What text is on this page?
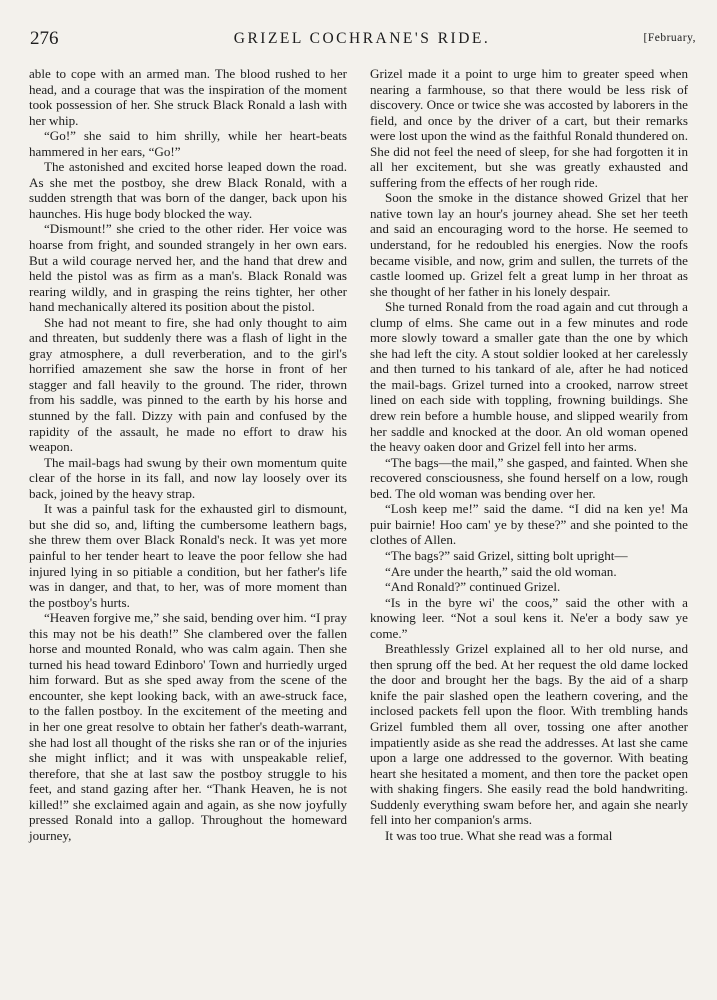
276	GRIZEL COCHRANE'S RIDE.	[February,

able to cope with an armed man. The blood rushed to her head, and a courage that was the inspiration of the moment took possession of her. She struck Black Ronald a lash with her whip.

“Go!” she said to him shrilly, while her heart-beats hammered in her ears, “Go!”

The astonished and excited horse leaped down the road. As she met the postboy, she drew Black Ronald, with a sudden strength that was born of the danger, back upon his haunches. His huge body blocked the way.

“Dismount!” she cried to the other rider. Her voice was hoarse from fright, and sounded strangely in her own ears. But a wild courage nerved her, and the hand that drew and held the pistol was as firm as a man's. Black Ronald was rearing wildly, and in grasping the reins tighter, her other hand mechanically altered its position about the pistol.

She had not meant to fire, she had only thought to aim and threaten, but suddenly there was a flash of light in the gray atmosphere, a dull reverberation, and to the girl's horrified amazement she saw the horse in front of her stagger and fall heavily to the ground. The rider, thrown from his saddle, was pinned to the earth by his horse and stunned by the fall. Dizzy with pain and confused by the rapidity of the assault, he made no effort to draw his weapon.

The mail-bags had swung by their own momentum quite clear of the horse in its fall, and now lay loosely over its back, joined by the heavy strap.

It was a painful task for the exhausted girl to dismount, but she did so, and, lifting the cumbersome leathern bags, she threw them over Black Ronald's neck. It was yet more painful to her tender heart to leave the poor fellow she had injured lying in so pitiable a condition, but her father's life was in danger, and that, to her, was of more moment than the postboy's hurts.

“Heaven forgive me,” she said, bending over him. “I pray this may not be his death!” She clambered over the fallen horse and mounted Ronald, who was calm again. Then she turned his head toward Edinboro' Town and hurriedly urged him forward. But as she sped away from the scene of the encounter, she kept looking back, with an awe-struck face, to the fallen postboy. In the excitement of the meeting and in her one great resolve to obtain her father's death-warrant, she had lost all thought of the risks she ran or of the injuries she might inflict; and it was with unspeakable relief, therefore, that she at last saw the postboy struggle to his feet, and stand gazing after her. “Thank Heaven, he is not killed!” she exclaimed again and again, as she now joyfully pressed Ronald into a gallop. Throughout the homeward journey,

Grizel made it a point to urge him to greater speed when nearing a farmhouse, so that there would be less risk of discovery. Once or twice she was accosted by laborers in the field, and once by the driver of a cart, but their remarks were lost upon the wind as the faithful Ronald thundered on. She did not feel the need of sleep, for she had forgotten it in all her excitement, but she was greatly exhausted and suffering from the effects of her rough ride.

Soon the smoke in the distance showed Grizel that her native town lay an hour's journey ahead. She set her teeth and said an encouraging word to the horse. He seemed to understand, for he redoubled his energies. Now the roofs became visible, and now, grim and sullen, the turrets of the castle loomed up. Grizel felt a great lump in her throat as she thought of her father in his lonely despair.

She turned Ronald from the road again and cut through a clump of elms. She came out in a few minutes and rode more slowly toward a smaller gate than the one by which she had left the city. A stout soldier looked at her carelessly and then turned to his tankard of ale, after he had noticed the mail-bags. Grizel turned into a crooked, narrow street lined on each side with toppling, frowning buildings. She drew rein before a humble house, and slipped wearily from her saddle and knocked at the door. An old woman opened the heavy oaken door and Grizel fell into her arms.

“The bags—the mail,” she gasped, and fainted. When she recovered consciousness, she found herself on a low, rough bed. The old woman was bending over her.

“Losh keep me!” said the dame. “I did na ken ye! Ma puir bairnie! Hoo cam' ye by these?” and she pointed to the clothes of Allen.

“The bags?” said Grizel, sitting bolt upright—

“Are under the hearth,” said the old woman.

“And Ronald?” continued Grizel.

“Is in the byre wi' the coos,” said the other with a knowing leer. “Not a soul kens it. Ne'er a body saw ye come.”

Breathlessly Grizel explained all to her old nurse, and then sprung off the bed. At her request the old dame locked the door and brought her the bags. By the aid of a sharp knife the pair slashed open the leathern covering, and the inclosed packets fell upon the floor. With trembling hands Grizel fumbled them all over, tossing one after another impatiently aside as she read the addresses. At last she came upon a large one addressed to the governor. With beating heart she hesitated a moment, and then tore the packet open with shaking fingers. She easily read the bold handwriting. Suddenly everything swam before her, and again she nearly fell into her companion's arms.

It was too true. What she read was a formal
